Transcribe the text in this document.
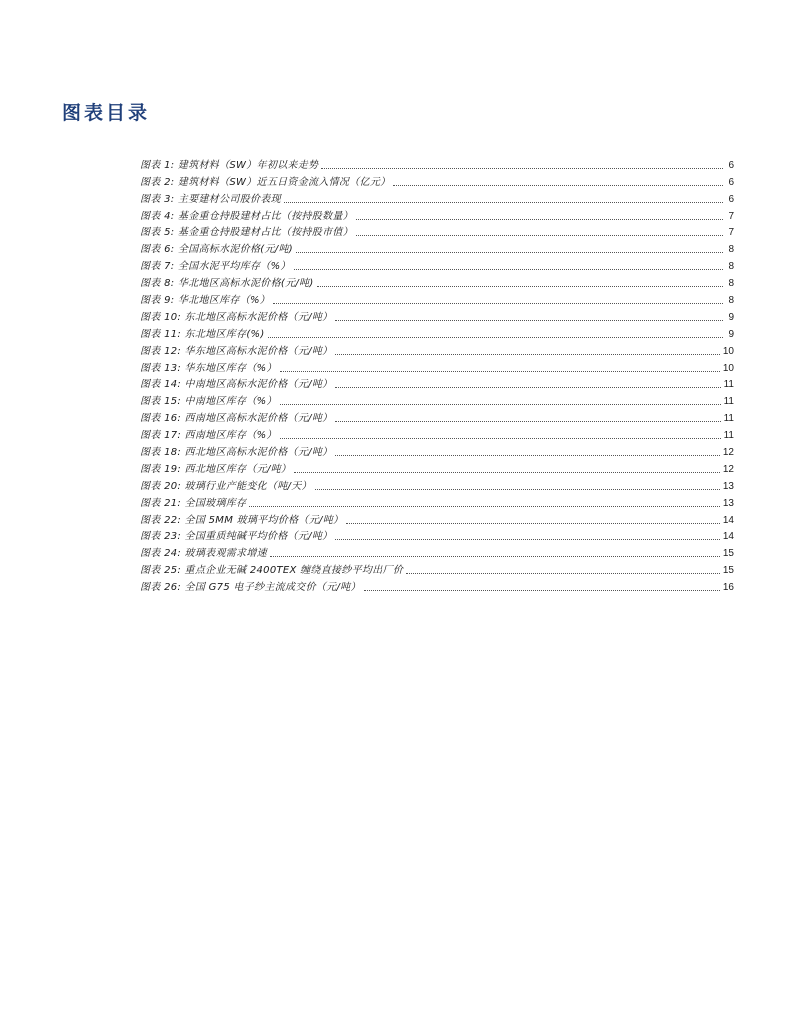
图表目录
图表 1: 建筑材料（SW）年初以来走势	6
图表 2: 建筑材料（SW）近五日资金流入情况（亿元）	6
图表 3: 主要建材公司股价表现	6
图表 4: 基金重仓持股建材占比（按持股数量）	7
图表 5: 基金重仓持股建材占比（按持股市值）	7
图表 6: 全国高标水泥价格(元/吨)	8
图表 7: 全国水泥平均库存（%）	8
图表 8: 华北地区高标水泥价格(元/吨)	8
图表 9: 华北地区库存（%）	8
图表 10: 东北地区高标水泥价格（元/吨）	9
图表 11: 东北地区库存(%)	9
图表 12: 华东地区高标水泥价格（元/吨）	10
图表 13: 华东地区库存（%）	10
图表 14: 中南地区高标水泥价格（元/吨）	11
图表 15: 中南地区库存（%）	11
图表 16: 西南地区高标水泥价格（元/吨）	11
图表 17: 西南地区库存（%）	11
图表 18: 西北地区高标水泥价格（元/吨）	12
图表 19: 西北地区库存（元/吨）	12
图表 20: 玻璃行业产能变化（吨/天）	13
图表 21: 全国玻璃库存	13
图表 22: 全国 5MM 玻璃平均价格（元/吨）	14
图表 23: 全国重质纯碱平均价格（元/吨）	14
图表 24: 玻璃表观需求增速	15
图表 25: 重点企业无碱 2400TEX 缠绕直接纱平均出厂价	15
图表 26: 全国 G75 电子纱主流成交价（元/吨）	16
